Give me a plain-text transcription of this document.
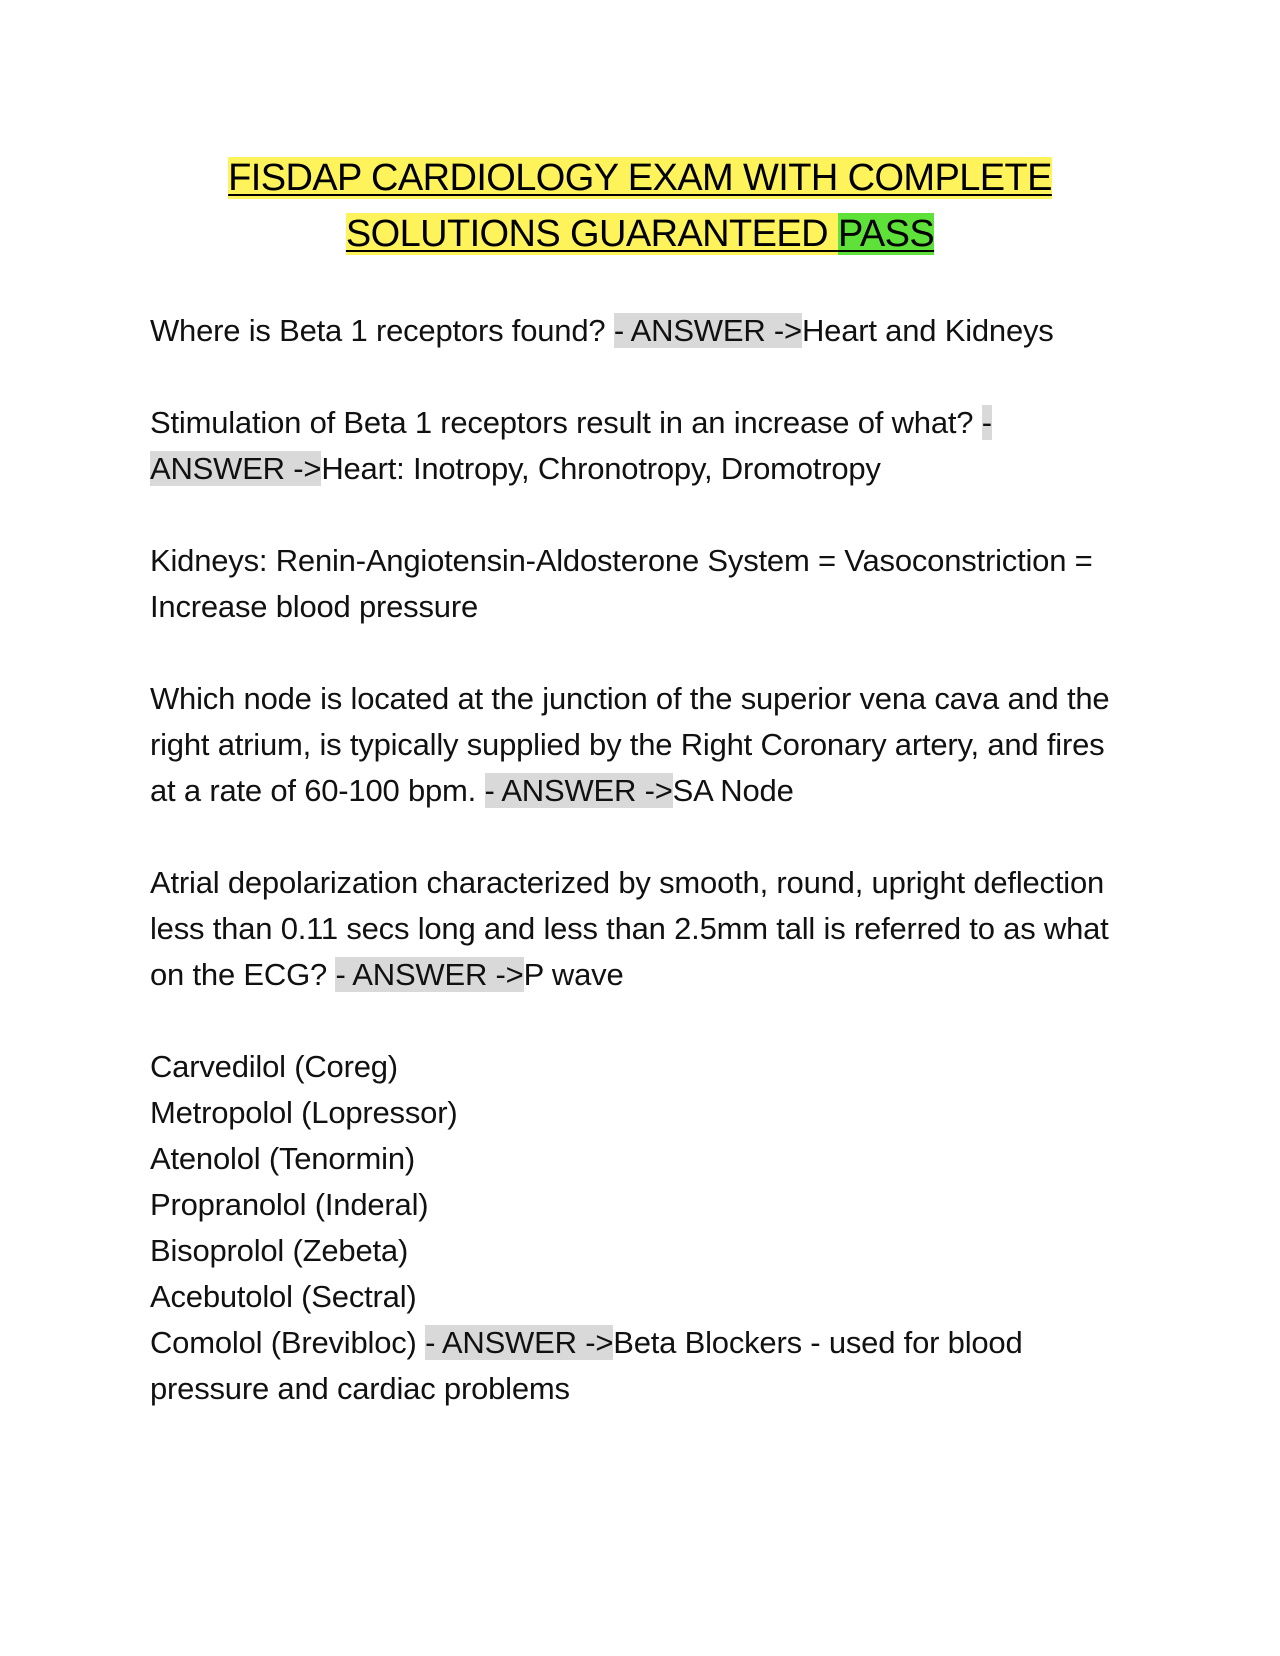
FISDAP CARDIOLOGY EXAM WITH COMPLETE
SOLUTIONS GUARANTEED PASS

Where is Beta 1 receptors found? - ANSWER ->Heart and Kidneys

Stimulation of Beta 1 receptors result in an increase of what? - ANSWER ->Heart: Inotropy, Chronotropy, Dromotropy

Kidneys: Renin-Angiotensin-Aldosterone System = Vasoconstriction = Increase blood pressure

Which node is located at the junction of the superior vena cava and the right atrium, is typically supplied by the Right Coronary artery, and fires at a rate of 60-100 bpm. - ANSWER ->SA Node

Atrial depolarization characterized by smooth, round, upright deflection less than 0.11 secs long and less than 2.5mm tall is referred to as what on the ECG? - ANSWER ->P wave

Carvedilol (Coreg)
Metropolol (Lopressor)
Atenolol (Tenormin)
Propranolol (Inderal)
Bisoprolol (Zebeta)
Acebutolol (Sectral)
Comolol (Brevibloc) - ANSWER ->Beta Blockers - used for blood pressure and cardiac problems
